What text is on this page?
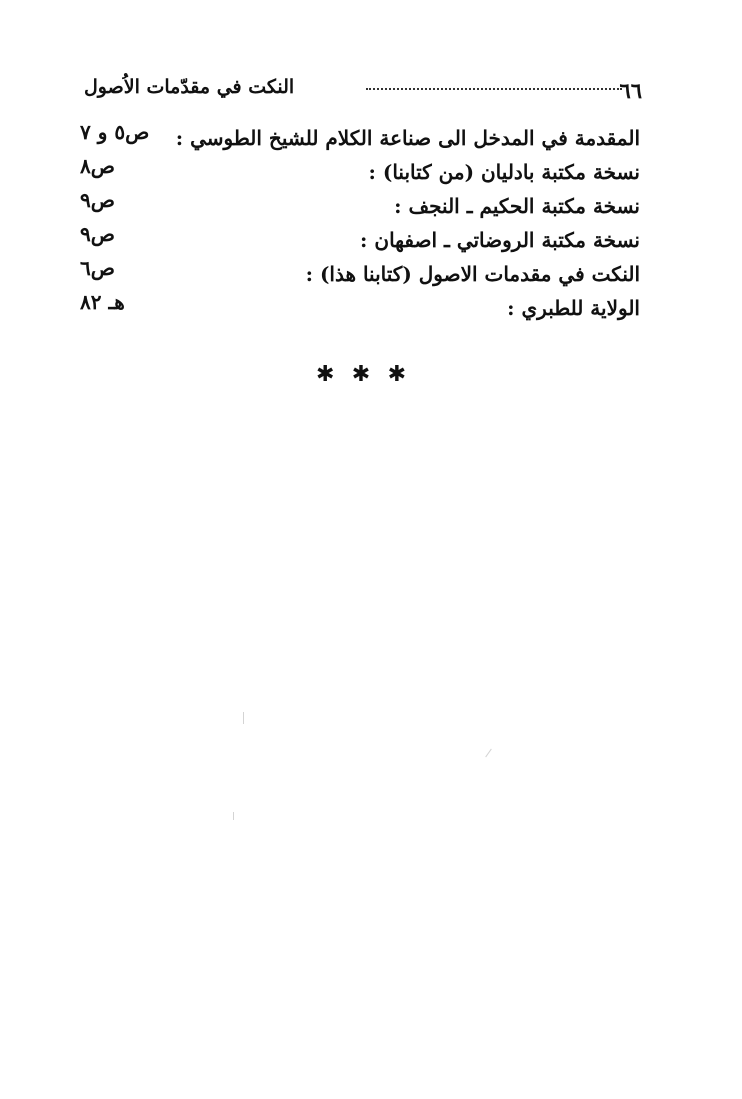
٦٦
النكت في مقدّمات الاُصول
المقدمة في المدخل الى صناعة الكلام للشيخ الطوسي :
ص٥ و ٧
نسخة مكتبة بادليان (من كتابنا) :
ص٨
نسخة مكتبة الحكيم ـ النجف :
ص٩
نسخة مكتبة الروضاتي ـ اصفهان :
ص٩
النكت في مقدمات الاصول (كتابنا هذا) :
ص٦
الولاية للطبري :
هـ ٨٢
✱ ✱ ✱
